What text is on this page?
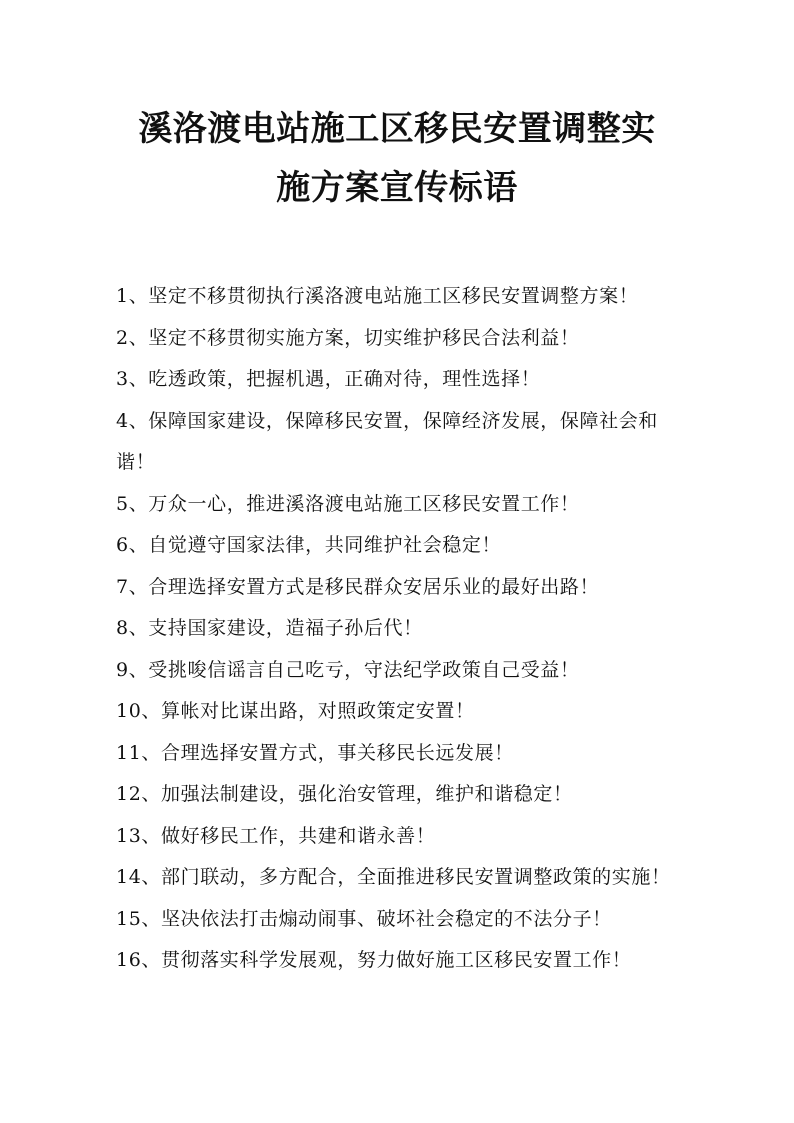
溪洛渡电站施工区移民安置调整实
施方案宣传标语
1、坚定不移贯彻执行溪洛渡电站施工区移民安置调整方案！
2、坚定不移贯彻实施方案，切实维护移民合法利益！
3、吃透政策，把握机遇，正确对待，理性选择！
4、保障国家建设，保障移民安置，保障经济发展，保障社会和谐！
5、万众一心，推进溪洛渡电站施工区移民安置工作！
6、自觉遵守国家法律，共同维护社会稳定！
7、合理选择安置方式是移民群众安居乐业的最好出路！
8、支持国家建设，造福子孙后代！
9、受挑唆信谣言自己吃亏，守法纪学政策自己受益！
10、算帐对比谋出路，对照政策定安置！
11、合理选择安置方式，事关移民长远发展！
12、加强法制建设，强化治安管理，维护和谐稳定！
13、做好移民工作，共建和谐永善！
14、部门联动，多方配合，全面推进移民安置调整政策的实施！
15、坚决依法打击煽动闹事、破坏社会稳定的不法分子！
16、贯彻落实科学发展观，努力做好施工区移民安置工作！
